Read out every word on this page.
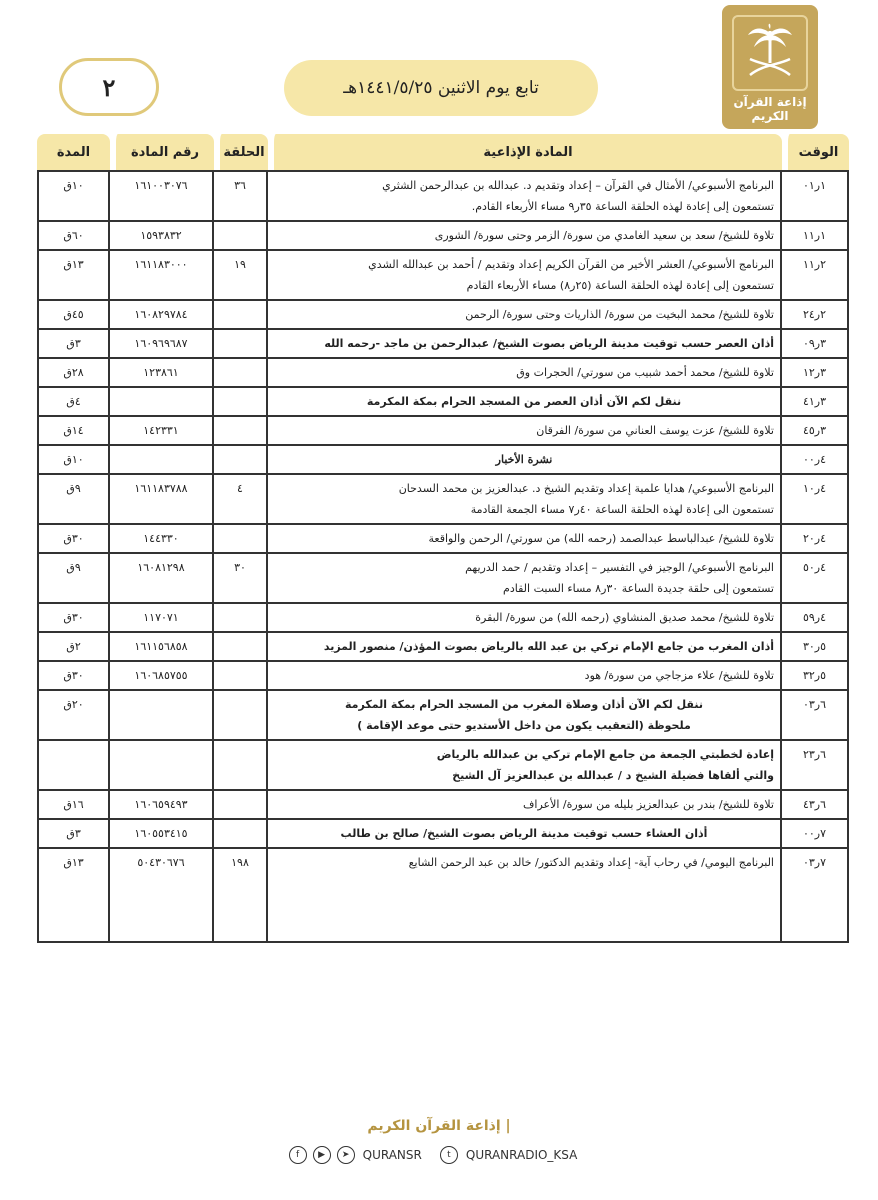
٢	تابع يوم الاثنين ١٤٤١/٥/٢٥هـ
إذاعة القرآن الكريم
الوقت	المادة الإذاعية	الحلقة	رقم المادة	المدة
١ر٠١	البرنامج الأسبوعي/ الأمثال في القرآن – إعداد وتقديم د. عبدالله بن عبدالرحمن الشثري
تستمعون إلى إعادة لهذه الحلقة الساعة ٣٥ر٩ مساء الأربعاء القادم.	٣٦	١٦١٠٠٣٠٧٦	١٠ق
١ر١١	تلاوة للشيخ/ سعد بن سعيد الغامدي من سورة/ الزمر وحتى سورة/ الشورى		١٥٩٣٨٣٢	٦٠ق
٢ر١١	البرنامج الأسبوعي/ العشر الأخير من القرآن الكريم إعداد وتقديم / أحمد بن عبدالله الشدي
تستمعون إلى إعادة لهذه الحلقة الساعة (٢٥ر٨) مساء الأربعاء القادم	١٩	١٦١١٨٣٠٠٠	١٣ق
٢ر٢٤	تلاوة للشيخ/ محمد البخيت من سورة/ الذاريات وحتى سورة/ الرحمن		١٦٠٨٢٩٧٨٤	٤٥ق
٣ر٠٩	أذان العصر حسب توقيت مدينة الرياض بصوت الشيخ/ عبدالرحمن بن ماجد -رحمه الله		١٦٠٩٦٩٦٨٧	٣ق
٣ر١٢	تلاوة للشيخ/ محمد أحمد شبيب من سورتي/ الحجرات وق		١٢٣٨٦١	٢٨ق
٣ر٤١	ننقل لكم الآن أذان العصر من المسجد الحرام بمكة المكرمة			٤ق
٣ر٤٥	تلاوة للشيخ/ عزت يوسف العناني من سورة/ الفرقان		١٤٢٣٣١	١٤ق
٤ر٠٠	نشرة الأخبار			١٠ق
٤ر١٠	البرنامج الأسبوعي/ هدايا علمية إعداد وتقديم الشيخ د. عبدالعزيز بن محمد السدحان
تستمعون الى إعادة لهذه الحلقة الساعة ٤٠ر٧ مساء الجمعة القادمة	٤	١٦١١٨٣٧٨٨	٩ق
٤ر٢٠	تلاوة للشيخ/ عبدالباسط عبدالصمد (رحمه الله) من سورتي/ الرحمن والواقعة		١٤٤٣٣٠	٣٠ق
٤ر٥٠	البرنامج الأسبوعي/ الوجيز في التفسير – إعداد وتقديم / حمد الدريهم
تستمعون إلى حلقة جديدة الساعة ٣٠ر٨ مساء السبت القادم	٣٠	١٦٠٨١٢٩٨	٩ق
٤ر٥٩	تلاوة للشيخ/ محمد صديق المنشاوي (رحمه الله) من سورة/ البقرة		١١٧٠٧١	٣٠ق
٥ر٣٠	أذان المغرب من جامع الإمام تركي بن عبد الله بالرياض بصوت المؤذن/ منصور المزيد		١٦١١٥٦٨٥٨	٢ق
٥ر٣٢	تلاوة للشيخ/ علاء مزجاجي من سورة/ هود		١٦٠٦٨٥٧٥٥	٣٠ق
٦ر٠٣	ننقل لكم الآن أذان وصلاة المغرب من المسجد الحرام بمكة المكرمة
ملحوظة (التعقيب يكون من داخل الأستديو حتى موعد الإقامة )			٢٠ق
٦ر٢٣	إعادة لخطبتي الجمعة من جامع الإمام تركي بن عبدالله بالرياض
والتي ألقاها فضيلة الشيخ د / عبدالله بن عبدالعزيز آل الشيخ			

٦ر٤٣	تلاوة للشيخ/ بندر بن عبدالعزيز بليله من سورة/ الأعراف		١٦٠٦٥٩٤٩٣	١٦ق
٧ر٠٠	أذان العشاء حسب توقيت مدينة الرياض بصوت الشيخ/ صالح بن طالب		١٦٠٥٥٣٤١٥	٣ق
٧ر٠٣	البرنامج اليومي/ في رحاب آية- إعداد وتقديم الدكتور/ خالد بن عبد الرحمن الشايع	١٩٨	٥٠٤٣٠٦٧٦	١٣ق
| إذاعة القرآن الكريم
f	▶	➤	QURANSR	t	QURANRADIO_KSA
